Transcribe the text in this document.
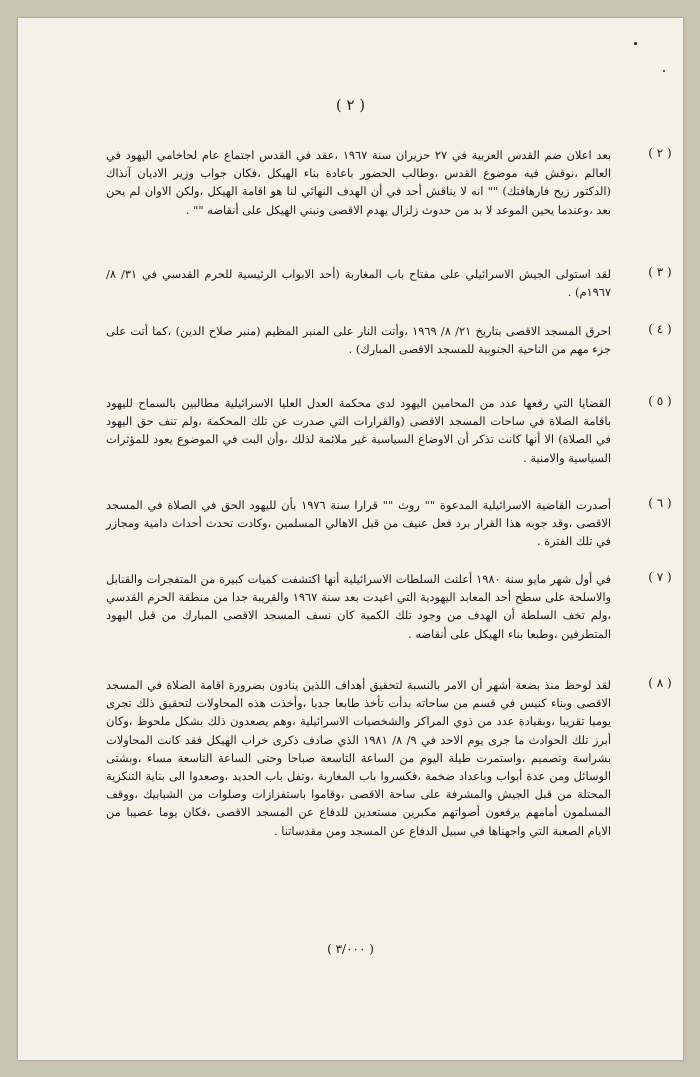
( ٢ )
( ٢ )
بعد اعلان ضم القدس العربية في ٢٧ حزيران سنة ١٩٦٧ ،عقد في القدس اجتماع عام لحاخامي اليهود في العالم ،نوقش فيه موضوع القدس ،وطالب الحضور باعادة بناء الهيكل ،فكان جواب وزير الاديان آنذاك (الدكتور زيح فارهافتك) "" انه لا يناقش أحد في أن الهدف النهائي لنا هو اقامة الهيكل ،ولكن الاوان لم يحن بعد ،وعندما يحين الموعد لا بد من حدوث زلزال يهدم الاقصى ونبني الهيكل على أنقاضه "" .
( ٣ )
لقد استولى الجيش الاسرائيلي على مفتاح باب المغاربة (أحد الابواب الرئيسية للحرم القدسي في ٣١/ ٨/ ١٩٦٧م) .
( ٤ )
احرق المسجد الاقصى بتاريخ ٢١/ ٨/ ١٩٦٩ ،وأتت النار على المنبر المظيم (منبر صلاح الدين) ،كما أتت على جزء مهم من الناحية الجنوبية للمسجد الاقصى المبارك) .
( ٥ )
القضايا التي رفعها عدد من المحامين اليهود لدى محكمة العدل العليا الاسرائيلية مطالبين بالسماح لليهود باقامة الصلاة في ساحات المسجد الاقصى (والقرارات التي صدرت عن تلك المحكمة ،ولم تنف حق اليهود في الصلاة) الا أنها كانت تذكر أن الاوضاع السياسية غير ملائمة لذلك ،وأن البت في الموضوع يعود للمؤثرات السياسية والامنية .
( ٦ )
أصدرت القاضية الاسرائيلية المدعوة "" روث "" قرارا سنة ١٩٧٦ بأن لليهود الحق في الصلاة في المسجد الاقصى ،وقد جوبه هذا القرار برد فعل عنيف من قبل الاهالي المسلمين ،وكادت تحدث أحداث دامية ومجازر في تلك الفترة .
( ٧ )
في أول شهر مايو سنة ١٩٨٠ أعلنت السلطات الاسرائيلية أنها اكتشفت كميات كبيرة من المتفجرات والقنابل والاسلحة على سطح أحد المعابد اليهودية التي اعيدت بعد سنة ١٩٦٧ والقريبة جدا من منطقة الحرم القدسي ،ولم تخف السلطة أن الهدف من وجود تلك الكمية كان نسف المسجد الاقصى المبارك من قبل اليهود المتطرفين ،وطبعا بناء الهيكل على أنقاضه .
( ٨ )
لقد لوحظ منذ بضعة أشهر أن الامر بالنسبة لتحقيق أهداف اللذين ينادون بضرورة اقامة الصلاة في المسجد الاقصى وبناء كنيس في قسم من ساحاته بدأت تأخذ طابعا جديا ،وأخذت هذه المحاولات لتحقيق ذلك تجرى يوميا تقريبا ،وبقيادة عدد من ذوي المراكز والشخصيات الاسرائيلية ،وهم يصعدون ذلك بشكل ملحوظ ،وكان أبرز تلك الحوادث ما جرى يوم الاحد في ٩/ ٨/ ١٩٨١ الذي صادف ذكرى خراب الهيكل فقد كانت المحاولات بشراسة وتصميم ،واستمرت طيلة اليوم من الساعة التاسعة صباحا وحتى الساعة التاسعة مساء ،وبشتى الوسائل ومن عدة أبواب وباعداد ضخمة ،فكسروا باب المغاربة ،وتفل باب الحديد ،وصعدوا الى بناية التنكزية المحتلة من قبل الجيش والمشرفة على ساحة الاقصى ،وقاموا باستفزازات وصلوات من الشبابيك ،ووقف المسلمون أمامهم يرفعون أصواتهم مكبرين مستعدين للدفاع عن المسجد الاقصى ،فكان يوما عصيبا من الايام الصعبة التي واجهناها في سبيل الدفاع عن المسجد ومن مقدساتنا .
( ٣/٠٠٠ )
